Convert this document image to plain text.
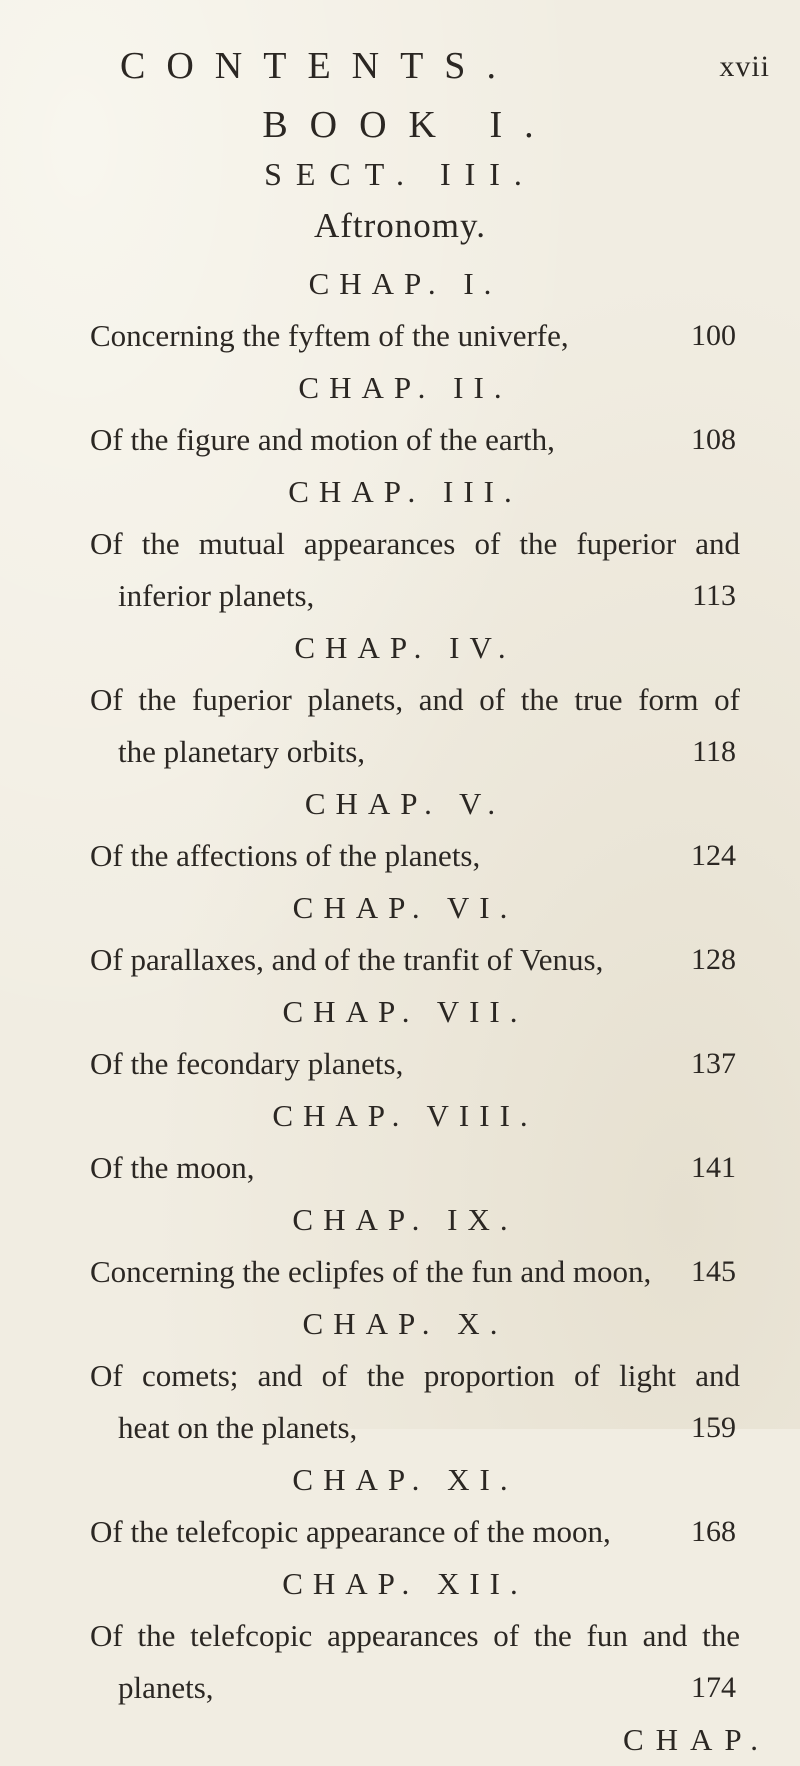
CONTENTS.	xvii
BOOK I.
SECT. III.
Aftronomy.
CHAP. I.
Concerning the fyftem of the univerfe,	100
CHAP. II.
Of the figure and motion of the earth,	108
CHAP. III.
Of the mutual appearances of the fuperior and
inferior planets,	113
CHAP. IV.
Of the fuperior planets, and of the true form of
the planetary orbits,	118
CHAP. V.
Of the affections of the planets,	124
CHAP. VI.
Of parallaxes, and of the tranfit of Venus,	128
CHAP. VII.
Of the fecondary planets,	137
CHAP. VIII.
Of the moon,	141
CHAP. IX.
Concerning the eclipfes of the fun and moon,	145
CHAP. X.
Of comets; and of the proportion of light and
heat on the planets,	159
CHAP. XI.
Of the telefcopic appearance of the moon,	168
CHAP. XII.
Of the telefcopic appearances of the fun and the
planets,	174
CHAP.
